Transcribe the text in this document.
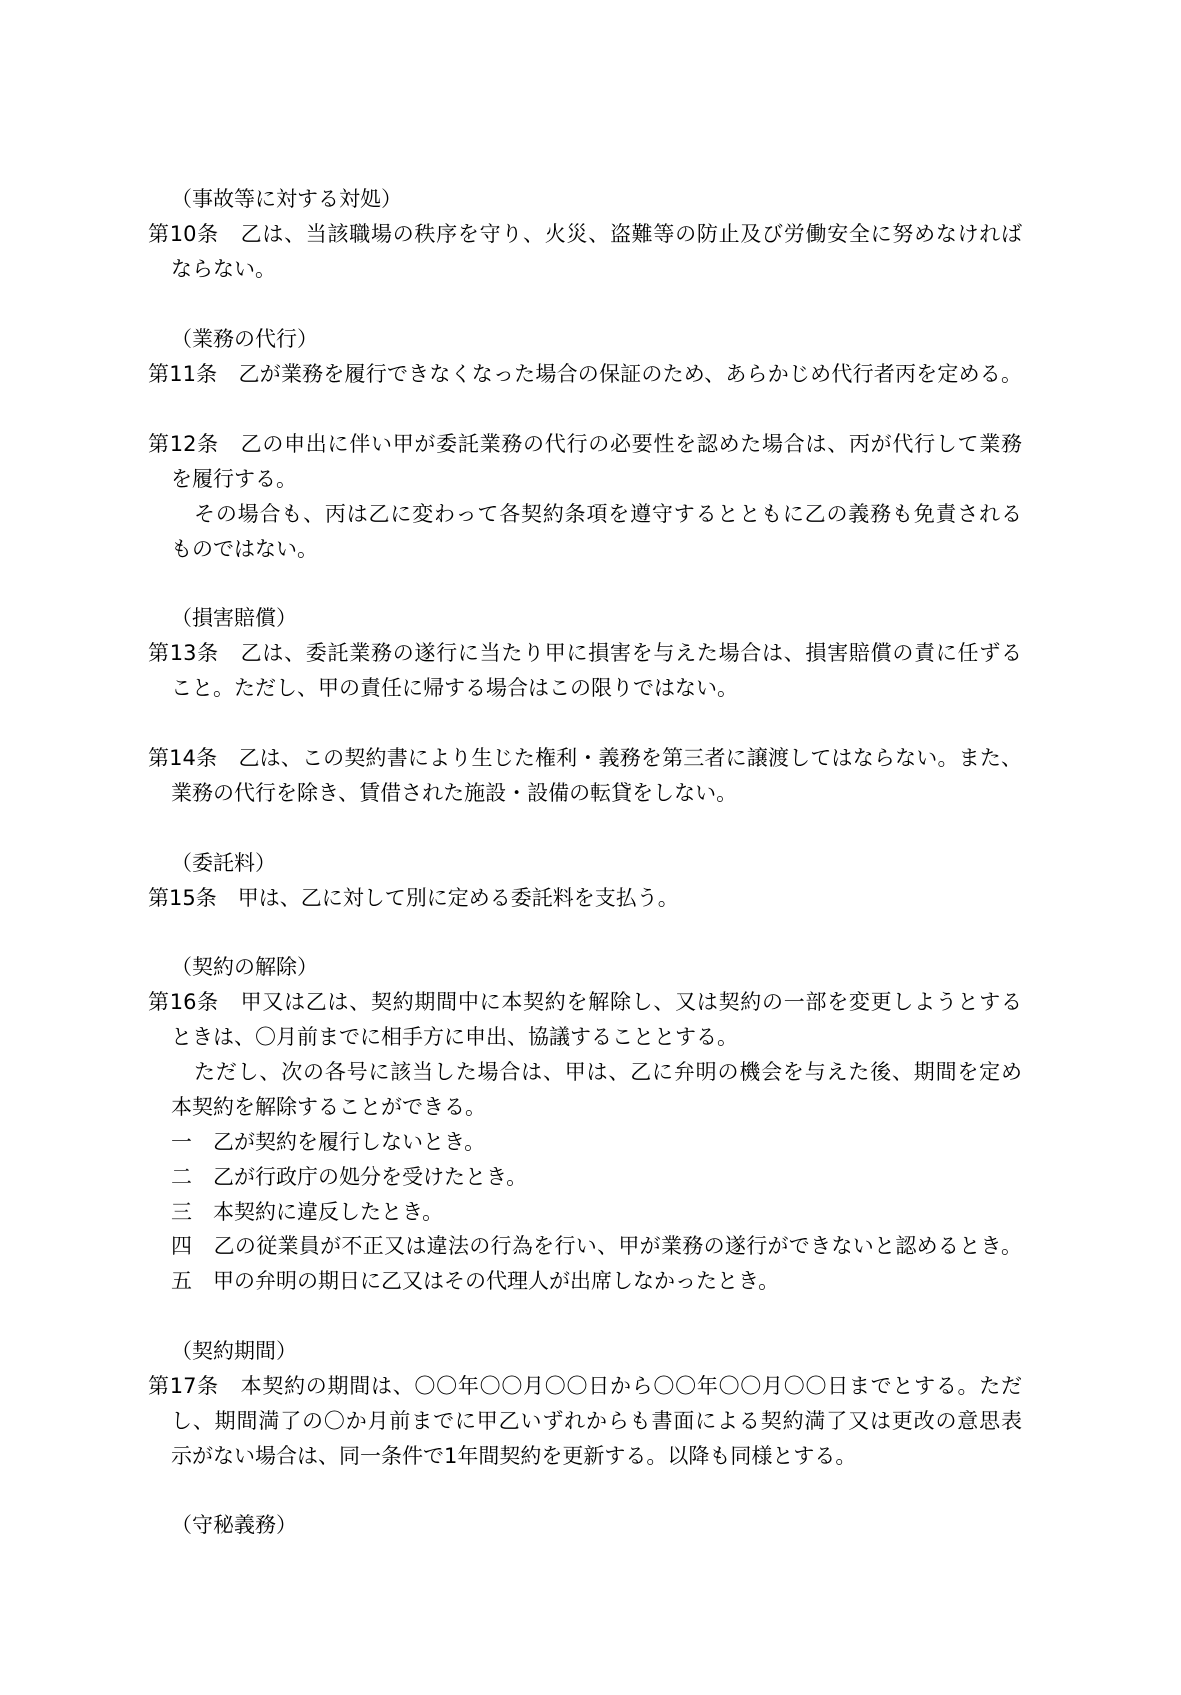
（事故等に対する対処）
第10条　乙は、当該職場の秩序を守り、火災、盗難等の防止及び労働安全に努めなければ
ならない。
（業務の代行）
第11条　乙が業務を履行できなくなった場合の保証のため、あらかじめ代行者丙を定める。
第12条　乙の申出に伴い甲が委託業務の代行の必要性を認めた場合は、丙が代行して業務
を履行する。
その場合も、丙は乙に変わって各契約条項を遵守するとともに乙の義務も免責される
ものではない。
（損害賠償）
第13条　乙は、委託業務の遂行に当たり甲に損害を与えた場合は、損害賠償の責に任ずる
こと。ただし、甲の責任に帰する場合はこの限りではない。
第14条　乙は、この契約書により生じた権利・義務を第三者に譲渡してはならない。また、
業務の代行を除き、賃借された施設・設備の転貸をしない。
（委託料）
第15条　甲は、乙に対して別に定める委託料を支払う。
（契約の解除）
第16条　甲又は乙は、契約期間中に本契約を解除し、又は契約の一部を変更しようとする
ときは、〇月前までに相手方に申出、協議することとする。
ただし、次の各号に該当した場合は、甲は、乙に弁明の機会を与えた後、期間を定め
本契約を解除することができる。
一　乙が契約を履行しないとき。
二　乙が行政庁の処分を受けたとき。
三　本契約に違反したとき。
四　乙の従業員が不正又は違法の行為を行い、甲が業務の遂行ができないと認めるとき。
五　甲の弁明の期日に乙又はその代理人が出席しなかったとき。
（契約期間）
第17条　本契約の期間は、〇〇年〇〇月〇〇日から〇〇年〇〇月〇〇日までとする。ただ
し、期間満了の〇か月前までに甲乙いずれからも書面による契約満了又は更改の意思表
示がない場合は、同一条件で1年間契約を更新する。以降も同様とする。
（守秘義務）
